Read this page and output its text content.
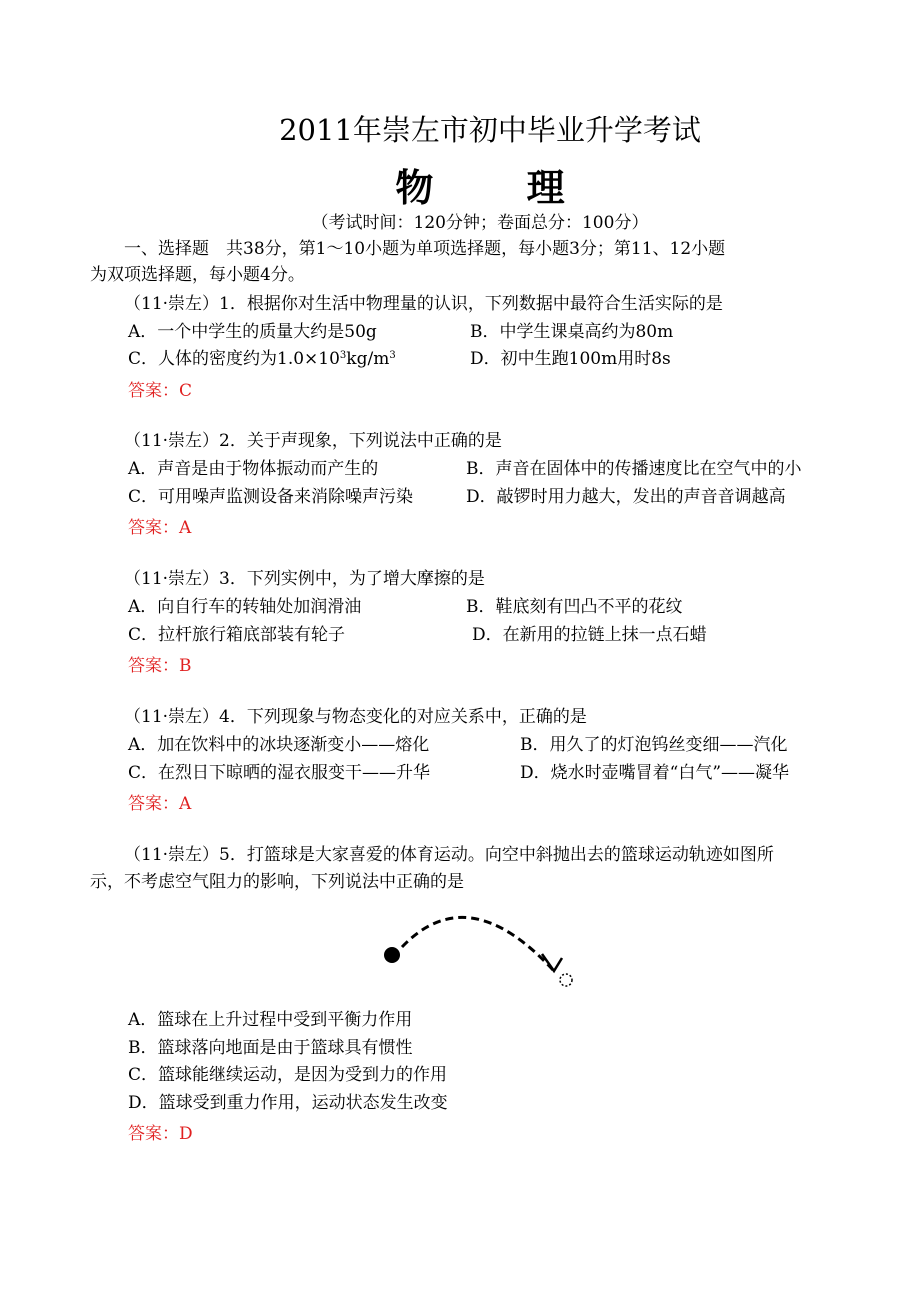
2011年崇左市初中毕业升学考试
物 理
（考试时间：120分钟；卷面总分：100分）
一、选择题　共38分，第1～10小题为单项选择题，每小题3分；第11、12小题
为双项选择题，每小题4分。
（11·崇左）1．根据你对生活中物理量的认识，下列数据中最符合生活实际的是
A．一个中学生的质量大约是50g	B．中学生课桌高约为80m
C．人体的密度约为$1.0\times 10^3kg/m^3$	D．初中生跑100m用时8s
答案：C
（11·崇左）2．关于声现象，下列说法中正确的是
A．声音是由于物体振动而产生的	B．声音在固体中的传播速度比在空气中的小
C．可用噪声监测设备来消除噪声污染	D．敲锣时用力越大，发出的声音音调越高
答案：A
（11·崇左）3．下列实例中，为了增大摩擦的是
A．向自行车的转轴处加润滑油	B．鞋底刻有凹凸不平的花纹
C．拉杆旅行箱底部装有轮子	D．在新用的拉链上抹一点石蜡
答案：B
（11·崇左）4．下列现象与物态变化的对应关系中，正确的是
A．加在饮料中的冰块逐渐变小——熔化	B．用久了的灯泡钨丝变细——汽化
C．在烈日下晾晒的湿衣服变干——升华	D．烧水时壶嘴冒着“白气”——凝华
答案：A
（11·崇左）5．打篮球是大家喜爱的体育运动。向空中斜抛出去的篮球运动轨迹如图所
示，不考虑空气阻力的影响，下列说法中正确的是
A．篮球在上升过程中受到平衡力作用
B．篮球落向地面是由于篮球具有惯性
C．篮球能继续运动，是因为受到力的作用
D．篮球受到重力作用，运动状态发生改变
答案：D
